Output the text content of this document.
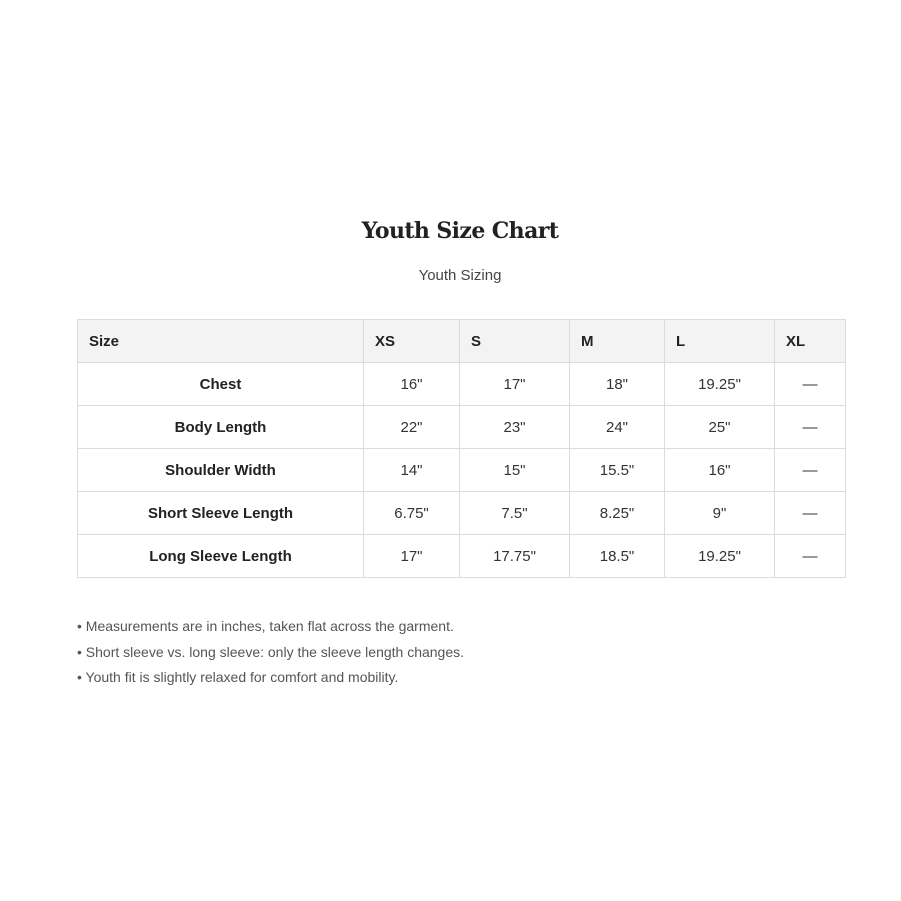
Youth Size Chart
Youth Sizing
Size	XS	S	M	L	XL
Chest	16"	17"	18"	19.25"	—
Body Length	22"	23"	24"	25"	—
Shoulder Width	14"	15"	15.5"	16"	—
Short Sleeve Length	6.75"	7.5"	8.25"	9"	—
Long Sleeve Length	17"	17.75"	18.5"	19.25"	—
• Measurements are in inches, taken flat across the garment.
• Short sleeve vs. long sleeve: only the sleeve length changes.
• Youth fit is slightly relaxed for comfort and mobility.
